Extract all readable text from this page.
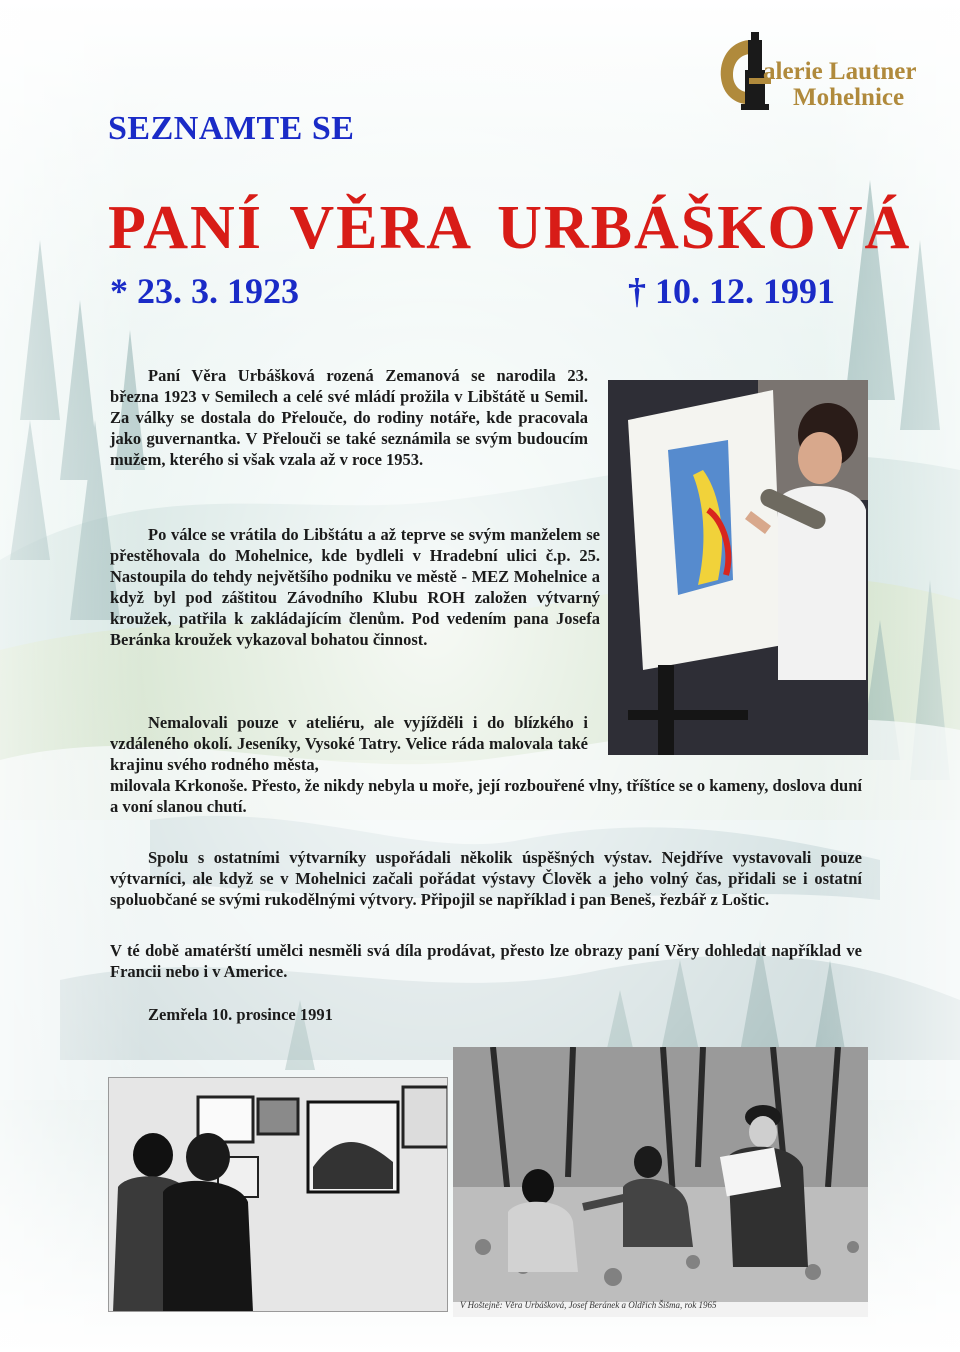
alerie Lautner
Mohelnice
SEZNAMTE SE
PANÍ VĚRA URBÁŠKOVÁ
* 23. 3. 1923	† 10. 12. 1991
Paní Věra Urbášková rozená Zemanová se narodila 23. března 1923 v Semilech a celé své mládí prožila v Libštátě u Semil. Za války se dostala do Přelouče, do rodiny notáře, kde pracovala jako guvernantka. V Přelouči se také seznámila se svým budoucím mužem, kterého si však vzala až v roce 1953.
Po válce se vrátila do Libštátu a až teprve se svým manželem se přestěhovala do Mohelnice, kde bydleli v Hradební ulici č.p. 25. Nastoupila do tehdy největšího podniku ve městě - MEZ Mohelnice a když byl pod záštitou Závodního Klubu ROH založen výtvarný kroužek, patřila k zakládajícím členům. Pod vedením pana Josefa Beránka kroužek vykazoval bohatou činnost.
Nemalovali pouze v ateliéru, ale vyjížděli i do blízkého i vzdáleného okolí. Jeseníky, Vysoké Tatry. Velice ráda malovala také krajinu svého rodného města,
milovala Krkonoše. Přesto, že nikdy nebyla u moře, její rozbouřené vlny, tříštíce se o kameny, doslova duní a voní slanou chutí.
Spolu s ostatními výtvarníky uspořádali několik úspěšných výstav. Nejdříve vystavovali pouze výtvarníci, ale když se v Mohelnici začali pořádat výstavy Člověk a jeho volný čas, přidali se i ostatní spoluobčané se svými rukodělnými výtvory. Připojil se například i pan Beneš, řezbář z Loštic.
V té době amatérští umělci nesměli svá díla prodávat, přesto lze obrazy paní Věry dohledat například ve Francii nebo i v Americe.
Zemřela 10. prosince 1991
V Hoštejně: Věra Urbášková, Josef Beránek a Oldřich Šišma, rok 1965
